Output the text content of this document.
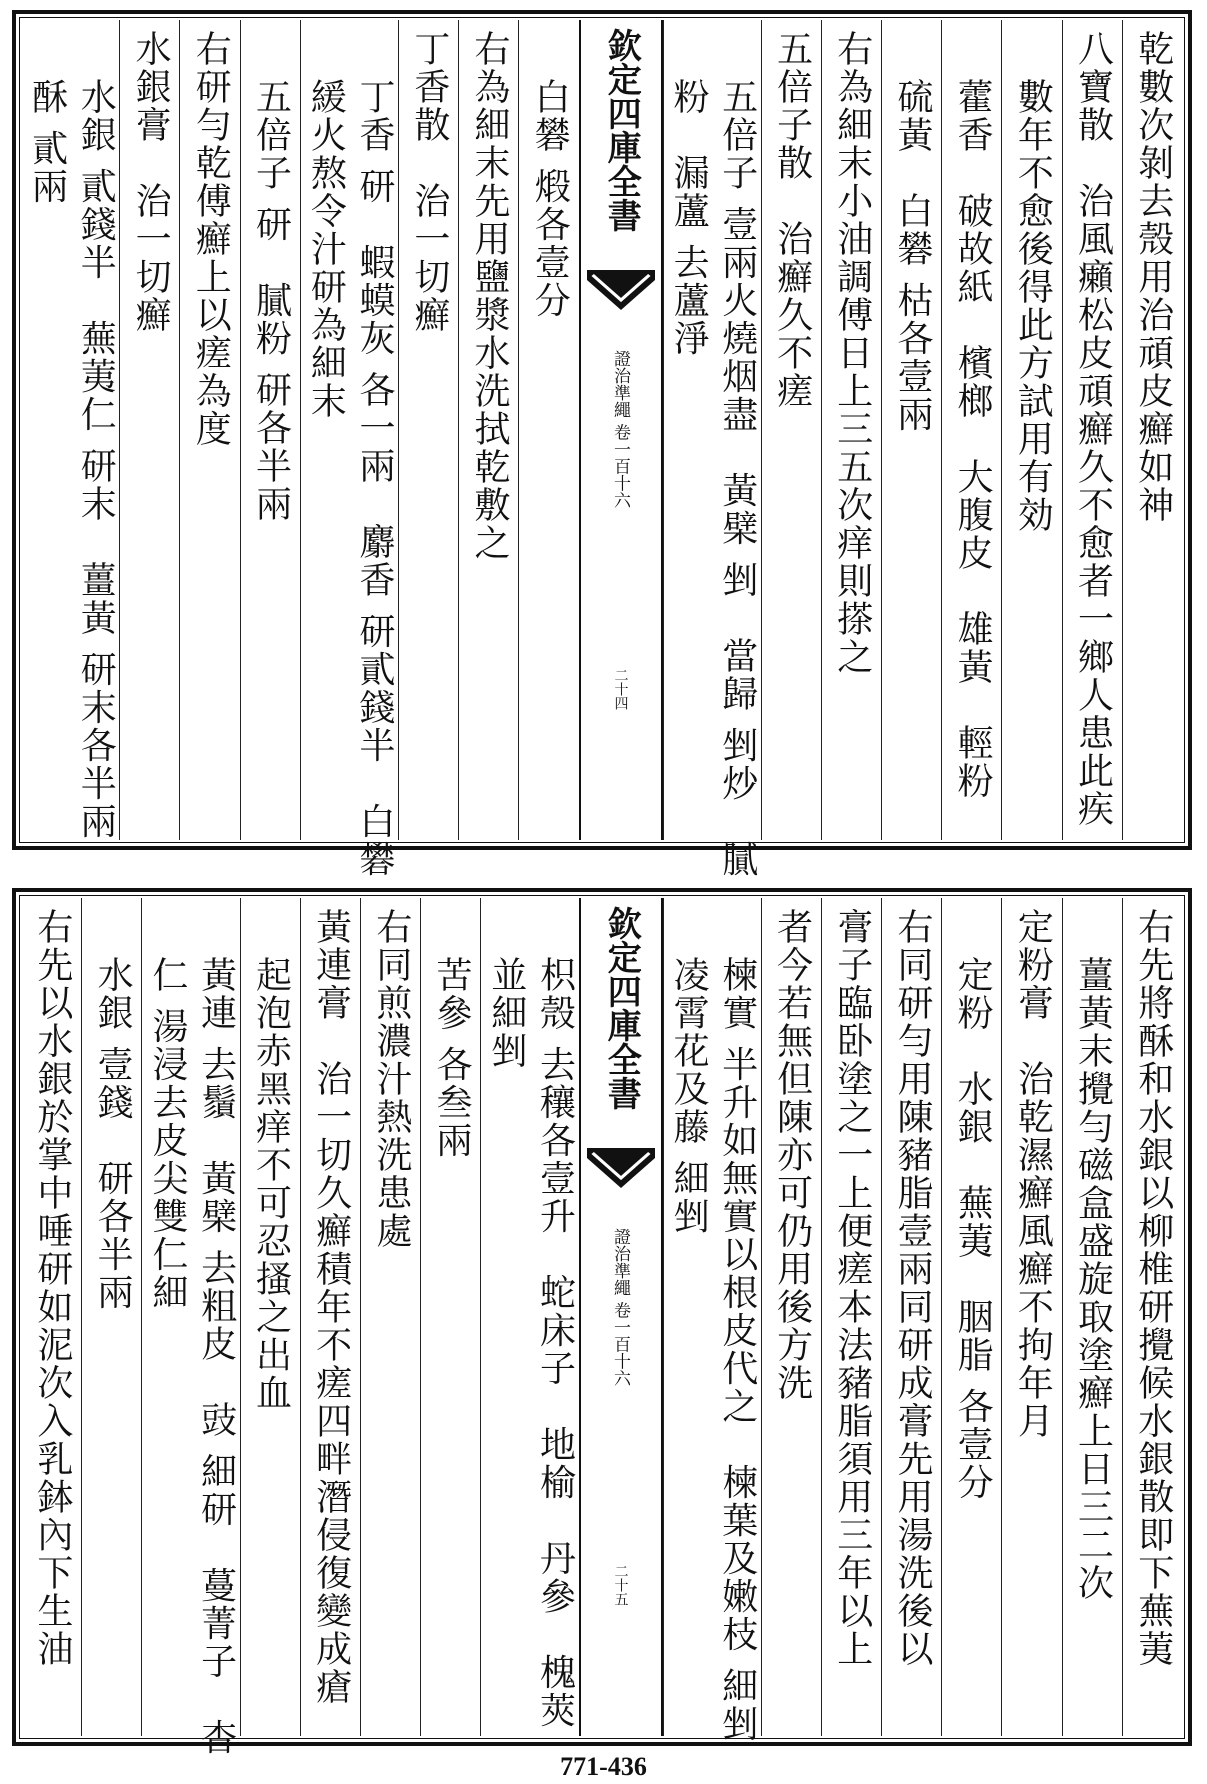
乾數次剝去殼用治頑皮癬如神
八寶散　治風癩松皮頑癬久不愈者一鄉人患此疾
數年不愈後得此方試用有効
藿香　破故紙　檳榔　大腹皮　雄黃　輕粉
硫黃　白礬 枯各壹兩
右為細末小油調傅日上三五次痒則搽之
五倍子散　治癬久不瘥
五倍子 壹兩火燒烟盡　黃檗 剉　當歸 剉炒　膩粉　漏蘆 去蘆淨
欽定四庫全書
證治準繩 卷一百十六
二十四
白礬 煅各壹分
右為細末先用鹽漿水洗拭乾敷之
丁香散　治一切癬
丁香 研　蝦蟆灰 各一兩　麝香 研貳錢半　白礬 緩火熬令汁研為細末
五倍子 研　膩粉 研各半兩
右研勻乾傅癬上以瘥為度
水銀膏　治一切癬
水銀 貳錢半　蕪荑仁 研末　薑黃 研末各半兩　酥 貳兩
右先將酥和水銀以柳椎研攪候水銀散即下蕪荑
薑黃末攪勻磁盒盛旋取塗癬上日三二次
定粉膏　治乾濕癬風癬不拘年月
定粉　水銀　蕪荑　胭脂 各壹分
右同研勻用陳豬脂壹兩同研成膏先用湯洗後以
膏子臨卧塗之一上便瘥本法豬脂須用三年以上
者今若無但陳亦可仍用後方洗
楝實 半升如無實以根皮代之　楝葉及嫩枝 細剉　凌霄花及藤 細剉
欽定四庫全書
證治準繩 卷一百十六
二十五
枳殼 去穰各壹升　蛇床子　地榆　丹參　槐莢 並細剉
苦參 各叁兩
右同煎濃汁熱洗患處
黃連膏　治一切久癬積年不瘥四畔潛侵復變成瘡
起泡赤黑痒不可忍搔之出血
黃連 去鬚　黃檗 去粗皮　豉 細研　蔓菁子　杏仁 湯浸去皮尖雙仁細
水銀 壹錢　研各半兩
右先以水銀於掌中唾研如泥次入乳鉢內下生油
771-436
